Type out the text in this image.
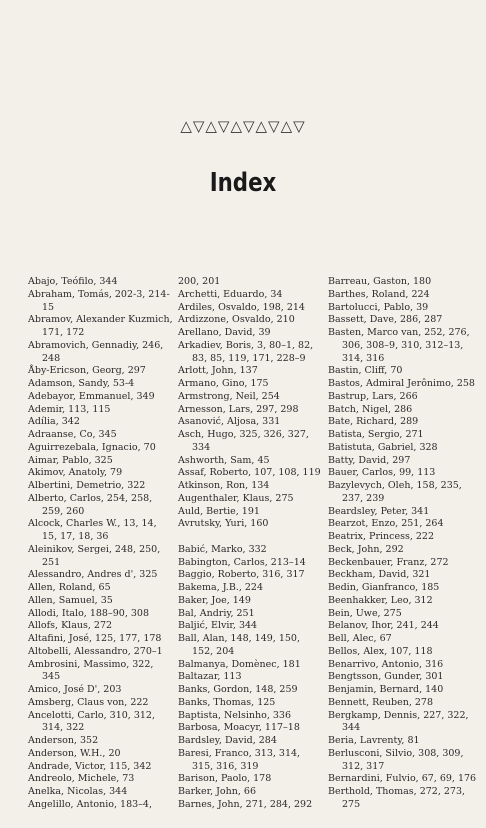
△▽△▽△▽△▽△▽
Index
Abajo, Teófilo, 344
Abraham, Tomás, 202-3, 214-15
Abramov, Alexander Kuzmich, 171, 172
Abramovich, Gennadiy, 246, 248
Åby-Ericson, Georg, 297
Adamson, Sandy, 53-4
Adebayor, Emmanuel, 349
Ademir, 113, 115
Adília, 342
Adraanse, Co, 345
Aguirrezebala, Ignacio, 70
Aimar, Pablo, 325
Akimov, Anatoly, 79
Albertini, Demetrio, 322
Alberto, Carlos, 254, 258, 259, 260
Alcock, Charles W., 13, 14, 15, 17, 18, 36
Aleinikov, Sergei, 248, 250, 251
Alessandro, Andres d', 325
Allen, Roland, 65
Allen, Samuel, 35
Allodi, Italo, 188–90, 308
Allofs, Klaus, 272
Altafini, José, 125, 177, 178
Altobelli, Alessandro, 270–1
Ambrosini, Massimo, 322, 345
Amico, José D', 203
Amsberg, Claus von, 222
Ancelotti, Carlo, 310, 312, 314, 322
Anderson, 352
Anderson, W.H., 20
Andrade, Victor, 115, 342
Andreolo, Michele, 73
Anelka, Nicolas, 344
Angelillo, Antonio, 183–4,
200, 201
Archetti, Eduardo, 34
Ardiles, Osvaldo, 198, 214
Ardizzone, Osvaldo, 210
Arellano, David, 39
Arkadiev, Boris, 3, 80–1, 82, 83, 85, 119, 171, 228–9
Arlott, John, 137
Armano, Gino, 175
Armstrong, Neil, 254
Arnesson, Lars, 297, 298
Asanović, Aljosa, 331
Asch, Hugo, 325, 326, 327, 334
Ashworth, Sam, 45
Assaf, Roberto, 107, 108, 119
Atkinson, Ron, 134
Augenthaler, Klaus, 275
Auld, Bertie, 191
Avrutsky, Yuri, 160
Babić, Marko, 332
Babington, Carlos, 213–14
Baggio, Roberto, 316, 317
Bakema, J.B., 224
Baker, Joe, 149
Bal, Andriy, 251
Baljić, Elvir, 344
Ball, Alan, 148, 149, 150, 152, 204
Balmanya, Domènec, 181
Baltazar, 113
Banks, Gordon, 148, 259
Banks, Thomas, 125
Baptista, Nelsinho, 336
Barbosa, Moacyr, 117–18
Bardsley, David, 284
Baresi, Franco, 313, 314, 315, 316, 319
Barison, Paolo, 178
Barker, John, 66
Barnes, John, 271, 284, 292
Barreau, Gaston, 180
Barthes, Roland, 224
Bartolucci, Pablo, 39
Bassett, Dave, 286, 287
Basten, Marco van, 252, 276, 306, 308–9, 310, 312–13, 314, 316
Bastin, Cliff, 70
Bastos, Admiral Jerônimo, 258
Bastrup, Lars, 266
Batch, Nigel, 286
Bate, Richard, 289
Batista, Sergio, 271
Batistuta, Gabriel, 328
Batty, David, 297
Bauer, Carlos, 99, 113
Bazylevych, Oleh, 158, 235, 237, 239
Beardsley, Peter, 341
Bearzot, Enzo, 251, 264
Beatrix, Princess, 222
Beck, John, 292
Beckenbauer, Franz, 272
Beckham, David, 321
Bedin, Gianfranco, 185
Beenhakker, Leo, 312
Bein, Uwe, 275
Belanov, Ihor, 241, 244
Bell, Alec, 67
Bellos, Alex, 107, 118
Benarrivo, Antonio, 316
Bengtsson, Gunder, 301
Benjamin, Bernard, 140
Bennett, Reuben, 278
Bergkamp, Dennis, 227, 322, 344
Beria, Lavrenty, 81
Berlusconi, Silvio, 308, 309, 312, 317
Bernardini, Fulvio, 67, 69, 176
Berthold, Thomas, 272, 273, 275
